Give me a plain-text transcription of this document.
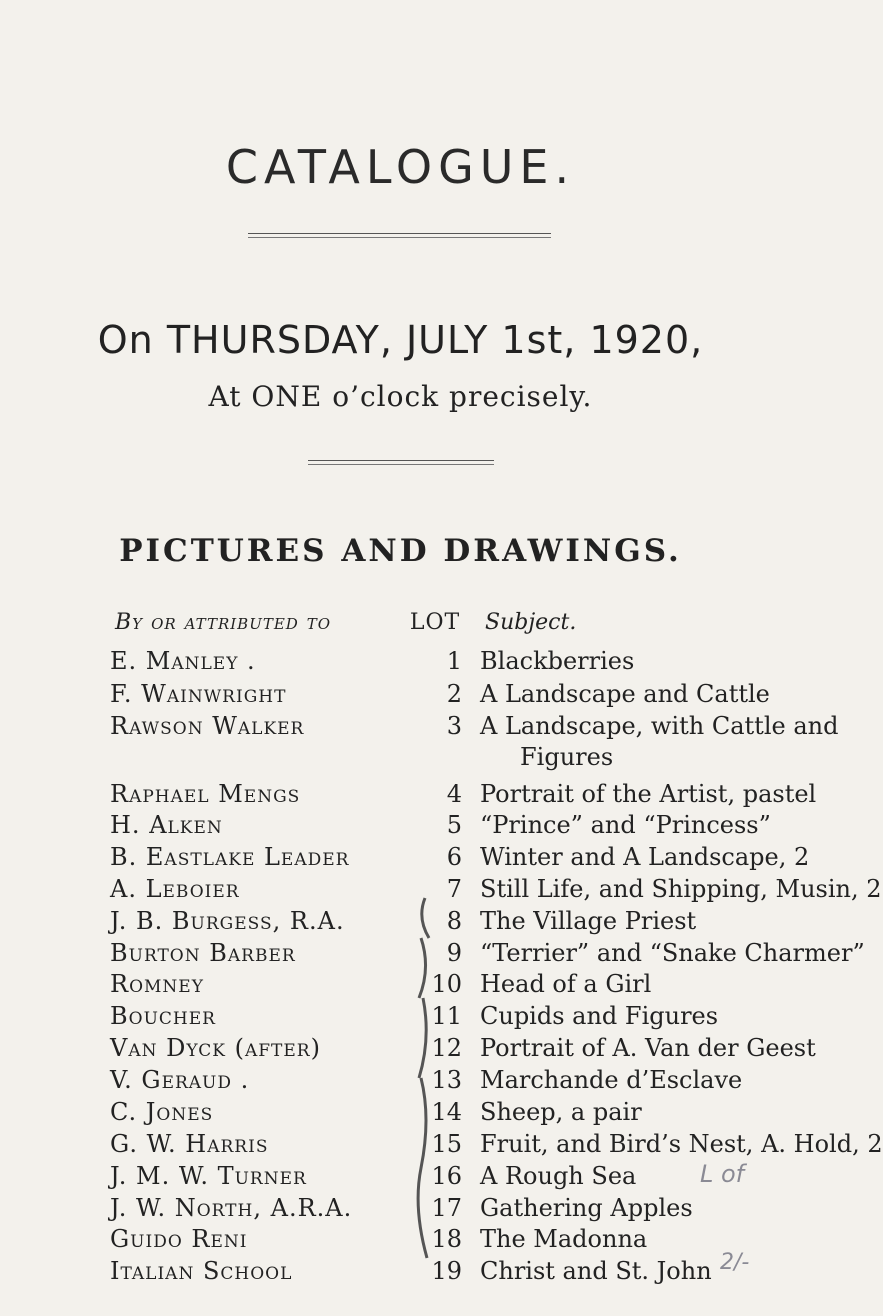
CATALOGUE.
On THURSDAY, JULY 1st, 1920,
At ONE o’clock precisely.
PICTURES AND DRAWINGS.
By or attributed to	LOT Subject.
E. Manley .	1 Blackberries
F. Wainwright	2 A Landscape and Cattle
Rawson Walker	3 A Landscape, with Cattle and
Figures
Raphael Mengs	4 Portrait of the Artist, pastel
H. Alken	5 “Prince” and “Princess”
B. Eastlake Leader	6 Winter and A Landscape, 2
A. Leboier	7 Still Life, and Shipping, Musin, 2
J. B. Burgess, R.A.	8 The Village Priest
Burton Barber	9 “Terrier” and “Snake Charmer”
Romney	10 Head of a Girl
Boucher	11 Cupids and Figures
Van Dyck (after)	12 Portrait of A. Van der Geest
V. Geraud .	13 Marchande d’Esclave
C. Jones	14 Sheep, a pair
G. W. Harris	15 Fruit, and Bird’s Nest, A. Hold, 2
J. M. W. Turner	16 A Rough Sea
J. W. North, A.R.A.	17 Gathering Apples
Guido Reni	18 The Madonna
Italian School	19 Christ and St. John
L of
2/-
